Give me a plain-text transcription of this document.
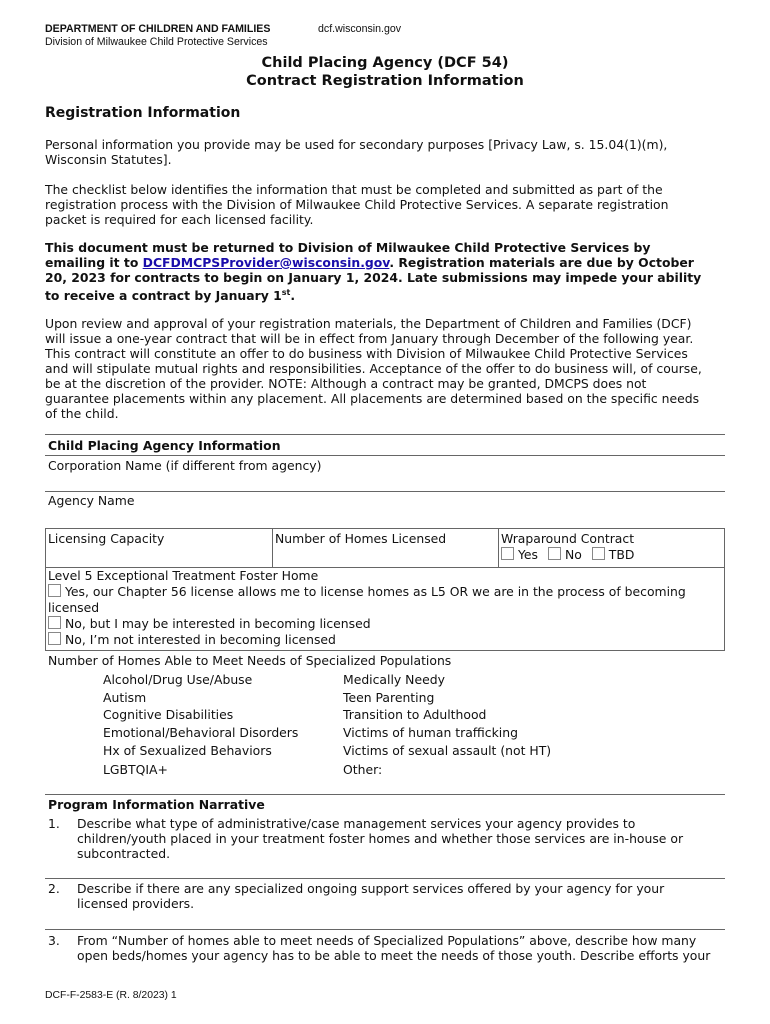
DEPARTMENT OF CHILDREN AND FAMILIES
Division of Milwaukee Child Protective Services
dcf.wisconsin.gov
Child Placing Agency (DCF 54)
Contract Registration Information
Registration Information
Personal information you provide may be used for secondary purposes [Privacy Law, s. 15.04(1)(m),
Wisconsin Statutes].
The checklist below identifies the information that must be completed and submitted as part of the
registration process with the Division of Milwaukee Child Protective Services. A separate registration
packet is required for each licensed facility.
This document must be returned to Division of Milwaukee Child Protective Services by
emailing it to DCFDMCPSProvider@wisconsin.gov. Registration materials are due by October
20, 2023 for contracts to begin on January 1, 2024. Late submissions may impede your ability
to receive a contract by January 1st.
Upon review and approval of your registration materials, the Department of Children and Families (DCF)
will issue a one-year contract that will be in effect from January through December of the following year.
This contract will constitute an offer to do business with Division of Milwaukee Child Protective Services
and will stipulate mutual rights and responsibilities. Acceptance of the offer to do business will, of course,
be at the discretion of the provider. NOTE: Although a contract may be granted, DMCPS does not
guarantee placements within any placement. All placements are determined based on the specific needs
of the child.
Child Placing Agency Information
Corporation Name (if different from agency)
Agency Name
Licensing Capacity	Number of Homes Licensed	Wraparound Contract
Yes No TBD
Level 5 Exceptional Treatment Foster Home
Yes, our Chapter 56 license allows me to license homes as L5 OR we are in the process of becoming
licensed
No, but I may be interested in becoming licensed
No, I’m not interested in becoming licensed
Number of Homes Able to Meet Needs of Specialized Populations
Alcohol/Drug Use/Abuse
Autism
Cognitive Disabilities
Emotional/Behavioral Disorders
Hx of Sexualized Behaviors
LGBTQIA+
Medically Needy
Teen Parenting
Transition to Adulthood
Victims of human trafficking
Victims of sexual assault (not HT)
Other:
Program Information Narrative
1. Describe what type of administrative/case management services your agency provides to
children/youth placed in your treatment foster homes and whether those services are in-house or
subcontracted.
2. Describe if there are any specialized ongoing support services offered by your agency for your
licensed providers.
3. From “Number of homes able to meet needs of Specialized Populations” above, describe how many
open beds/homes your agency has to be able to meet the needs of those youth. Describe efforts your
DCF-F-2583-E (R. 8/2023) 1
